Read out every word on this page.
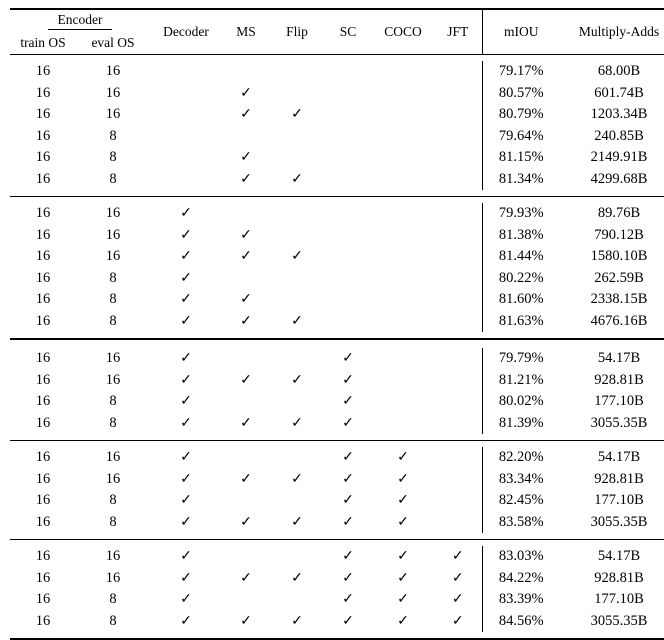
Encoder		Decoder	MS	Flip	SC	COCO	JFT	mIOU	Multiply-Adds
train OS	eval OS								

16	16							79.17%	68.00B
16	16		✓					80.57%	601.74B
16	16		✓	✓				80.79%	1203.34B
16	8							79.64%	240.85B
16	8		✓					81.15%	2149.91B
16	8		✓	✓				81.34%	4299.68B

16	16	✓						79.93%	89.76B
16	16	✓	✓					81.38%	790.12B
16	16	✓	✓	✓				81.44%	1580.10B
16	8	✓						80.22%	262.59B
16	8	✓	✓					81.60%	2338.15B
16	8	✓	✓	✓				81.63%	4676.16B

16	16	✓			✓			79.79%	54.17B
16	16	✓	✓	✓	✓			81.21%	928.81B
16	8	✓			✓			80.02%	177.10B
16	8	✓	✓	✓	✓			81.39%	3055.35B

16	16	✓			✓	✓		82.20%	54.17B
16	16	✓	✓	✓	✓	✓		83.34%	928.81B
16	8	✓			✓	✓		82.45%	177.10B
16	8	✓	✓	✓	✓	✓		83.58%	3055.35B

16	16	✓			✓	✓	✓	83.03%	54.17B
16	16	✓	✓	✓	✓	✓	✓	84.22%	928.81B
16	8	✓			✓	✓	✓	83.39%	177.10B
16	8	✓	✓	✓	✓	✓	✓	84.56%	3055.35B
